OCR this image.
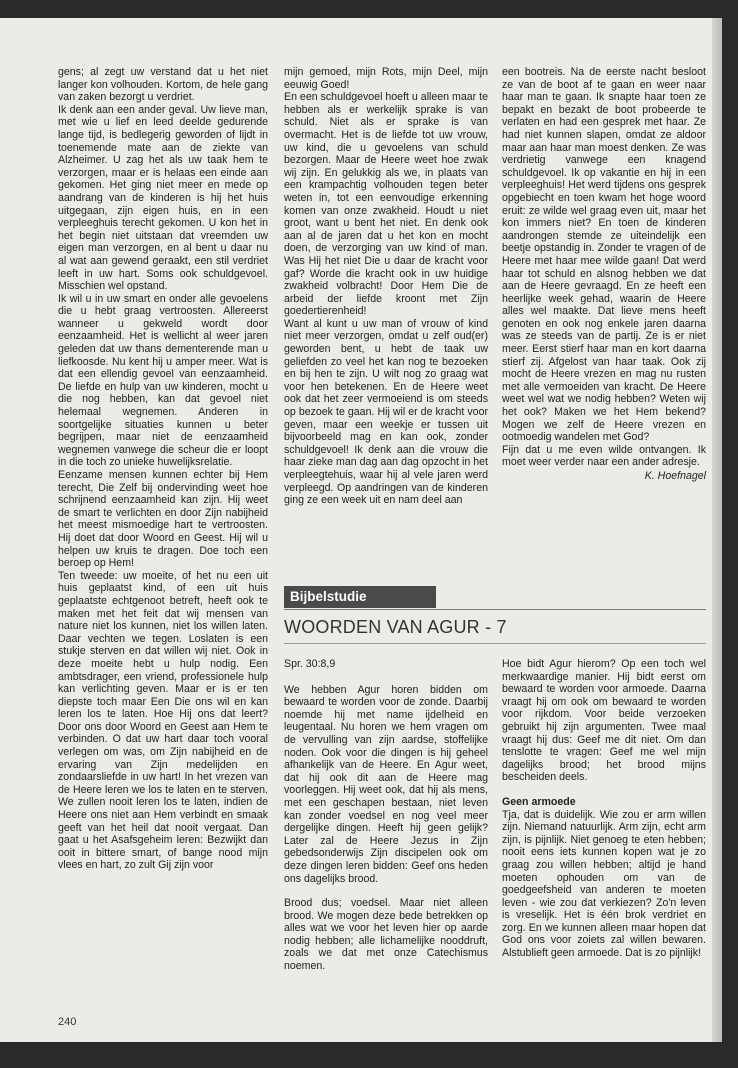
gens; al zegt uw verstand dat u het niet langer kon volhouden. Kortom, de hele gang van zaken bezorgt u verdriet.

Ik denk aan een ander geval. Uw lieve man, met wie u lief en leed deelde gedurende lange tijd, is bedlegerig geworden of lijdt in toenemende mate aan de ziekte van Alzheimer. U zag het als uw taak hem te verzorgen, maar er is helaas een einde aan gekomen. Het ging niet meer en mede op aandrang van de kinderen is hij het huis uitgegaan, zijn eigen huis, en in een verpleeghuis terecht gekomen. U kon het in het begin niet uitstaan dat vreemden uw eigen man verzorgen, en al bent u daar nu al wat aan gewend geraakt, een stil verdriet leeft in uw hart. Soms ook schuldgevoel. Misschien wel opstand.

Ik wil u in uw smart en onder alle gevoelens die u hebt graag vertroosten. Allereerst wanneer u gekweld wordt door eenzaamheid. Het is wellicht al weer jaren geleden dat uw thans dementerende man u liefkoosde. Nu kent hij u amper meer. Wat is dat een ellendig gevoel van eenzaamheid. De liefde en hulp van uw kinderen, mocht u die nog hebben, kan dat gevoel niet helemaal wegnemen. Anderen in soortgelijke situaties kunnen u beter begrijpen, maar niet de eenzaamheid wegnemen vanwege die scheur die er loopt in die toch zo unieke huwelijksrelatie.

Eenzame mensen kunnen echter bij Hem terecht, Die Zelf bij ondervinding weet hoe schrijnend eenzaamheid kan zijn. Hij weet de smart te verlichten en door Zijn nabijheid het meest mismoedige hart te vertroosten. Hij doet dat door Woord en Geest. Hij wil u helpen uw kruis te dragen. Doe toch een beroep op Hem!

Ten tweede: uw moeite, of het nu een uit huis geplaatst kind, of een uit huis geplaatste echtgenoot betreft, heeft ook te maken met het feit dat wij mensen van nature niet los kunnen, niet los willen laten. Daar vechten we tegen. Loslaten is een stukje sterven en dat willen wij niet. Ook in deze moeite hebt u hulp nodig. Een ambtsdrager, een vriend, professionele hulp kan verlichting geven. Maar er is er ten diepste toch maar Een Die ons wil en kan leren los te laten. Hoe Hij ons dat leert? Door ons door Woord en Geest aan Hem te verbinden. O dat uw hart daar toch vooral verlegen om was, om Zijn nabijheid en de ervaring van Zijn medelijden en zondaarsliefde in uw hart! In het vrezen van de Heere leren we los te laten en te sterven. We zullen nooit leren los te laten, indien de Heere ons niet aan Hem verbindt en smaak geeft van het heil dat nooit vergaat. Dan gaat u het Asafsgeheim leren: Bezwijkt dan ooit in bittere smart, of bange nood mijn vlees en hart, zo zult Gij zijn voor

mijn gemoed, mijn Rots, mijn Deel, mijn eeuwig Goed!

En een schuldgevoel hoeft u alleen maar te hebben als er werkelijk sprake is van schuld. Niet als er sprake is van overmacht. Het is de liefde tot uw vrouw, uw kind, die u gevoelens van schuld bezorgen. Maar de Heere weet hoe zwak wij zijn. En gelukkig als we, in plaats van een krampachtig volhouden tegen beter weten in, tot een eenvoudige erkenning komen van onze zwakheid. Houdt u niet groot, want u bent het niet. En denk ook aan al de jaren dat u het kon en mocht doen, de verzorging van uw kind of man. Was Hij het niet Die u daar de kracht voor gaf? Worde die kracht ook in uw huidige zwakheid volbracht! Door Hem Die de arbeid der liefde kroont met Zijn goedertierenheid!

Want al kunt u uw man of vrouw of kind niet meer verzorgen, omdat u zelf oud(er) geworden bent, u hebt de taak uw geliefden zo veel het kan nog te bezoeken en bij hen te zijn. U wilt nog zo graag wat voor hen betekenen. En de Heere weet ook dat het zeer vermoeiend is om steeds op bezoek te gaan. Hij wil er de kracht voor geven, maar een weekje er tussen uit bijvoorbeeld mag en kan ook, zonder schuldgevoel! Ik denk aan die vrouw die haar zieke man dag aan dag opzocht in het verpleegtehuis, waar hij al vele jaren werd verpleegd. Op aandringen van de kinderen ging ze een week uit en nam deel aan

een bootreis. Na de eerste nacht besloot ze van de boot af te gaan en weer naar haar man te gaan. Ik snapte haar toen ze bepakt en bezakt de boot probeerde te verlaten en had een gesprek met haar. Ze had niet kunnen slapen, omdat ze aldoor maar aan haar man moest denken. Ze was verdrietig vanwege een knagend schuldgevoel. Ik op vakantie en hij in een verpleeghuis! Het werd tijdens ons gesprek opgebiecht en toen kwam het hoge woord eruit: ze wilde wel graag even uit, maar het kon immers niet? En toen de kinderen aandrongen stemde ze uiteindelijk een beetje opstandig in. Zonder te vragen of de Heere met haar mee wilde gaan! Dat werd haar tot schuld en alsnog hebben we dat aan de Heere gevraagd. En ze heeft een heerlijke week gehad, waarin de Heere alles wel maakte. Dat lieve mens heeft genoten en ook nog enkele jaren daarna was ze steeds van de partij. Ze is er niet meer. Eerst stierf haar man en kort daarna stierf zij. Afgelost van haar taak. Ook zij mocht de Heere vrezen en mag nu rusten met alle vermoeiden van kracht. De Heere weet wel wat we nodig hebben? Weten wij het ook? Maken we het Hem bekend? Mogen we zelf de Heere vrezen en ootmoedig wandelen met God?

Fijn dat u me even wilde ontvangen. Ik moet weer verder naar een ander adresje.

K. Hoefnagel

Bijbelstudie
WOORDEN VAN AGUR - 7

Spr. 30:8,9

We hebben Agur horen bidden om bewaard te worden voor de zonde. Daarbij noemde hij met name ijdelheid en leugentaal. Nu horen we hem vragen om de vervulling van zijn aardse, stoffelijke noden. Ook voor die dingen is hij geheel afhankelijk van de Heere. En Agur weet, dat hij ook dit aan de Heere mag voorleggen. Hij weet ook, dat hij als mens, met een geschapen bestaan, niet leven kan zonder voedsel en nog veel meer dergelijke dingen. Heeft hij geen gelijk? Later zal de Heere Jezus in Zijn gebedsonderwijs Zijn discipelen ook om deze dingen leren bidden: Geef ons heden ons dagelijks brood.

Brood dus; voedsel. Maar niet alleen brood. We mogen deze bede betrekken op alles wat we voor het leven hier op aarde nodig hebben; alle lichamelijke nooddruft, zoals we dat met onze Catechismus noemen.

Hoe bidt Agur hierom? Op een toch wel merkwaardige manier. Hij bidt eerst om bewaard te worden voor armoede. Daarna vraagt hij om ook om bewaard te worden voor rijkdom. Voor beide verzoeken gebruikt hij zijn argumenten. Twee maal vraagt hij dus: Geef me dit niet. Om dan tenslotte te vragen: Geef me wel mijn dagelijks brood; het brood mijns bescheiden deels.

Geen armoede

Tja, dat is duidelijk. Wie zou er arm willen zijn. Niemand natuurlijk. Arm zijn, echt arm zijn, is pijnlijk. Niet genoeg te eten hebben; nooit eens iets kunnen kopen wat je zo graag zou willen hebben; altijd je hand moeten ophouden om van de goedgeefsheid van anderen te moeten leven - wie zou dat verkiezen? Zo'n leven is vreselijk. Het is één brok verdriet en zorg. En we kunnen alleen maar hopen dat God ons voor zoiets zal willen bewaren. Alstublieft geen armoede. Dat is zo pijnlijk!

240
